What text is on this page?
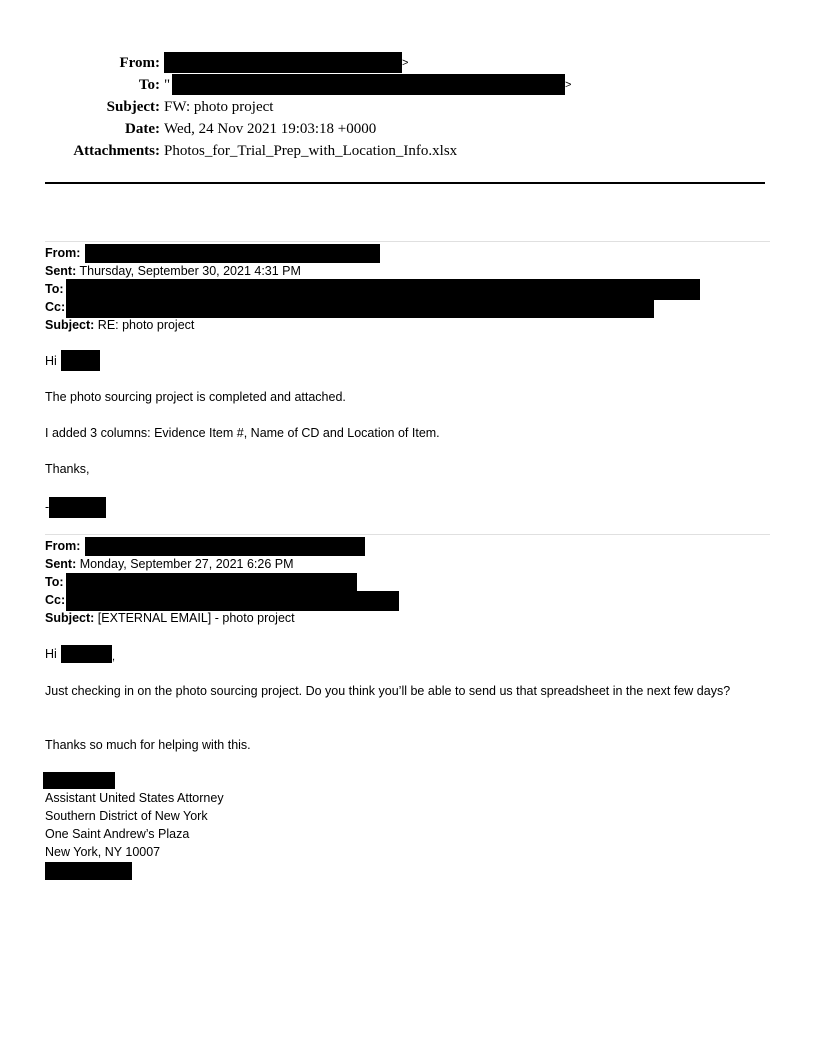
From:	>
To: "	>
Subject: FW: photo project
Date: Wed, 24 Nov 2021 19:03:18 +0000
Attachments: Photos_for_Trial_Prep_with_Location_Info.xlsx
From:
Sent: Thursday, September 30, 2021 4:31 PM
To:
Cc:
Subject: RE: photo project
Hi
The photo sourcing project is completed and attached.
I added 3 columns: Evidence Item #, Name of CD and Location of Item.
Thanks,
-
From:
Sent: Monday, September 27, 2021 6:26 PM
To:
Cc:
Subject: [EXTERNAL EMAIL] - photo project
Hi	,
Just checking in on the photo sourcing project. Do you think you’ll be able to send us that spreadsheet in the next few days?
Thanks so much for helping with this.
Assistant United States Attorney
Southern District of New York
One Saint Andrew’s Plaza
New York, NY 10007
